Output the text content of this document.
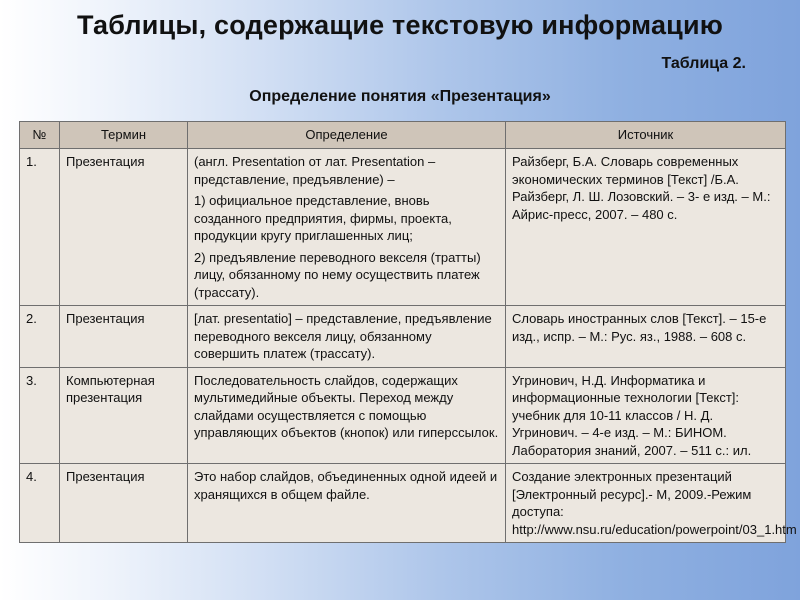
Таблицы, содержащие текстовую информацию
Таблица 2.
Определение понятия «Презентация»
№	Термин	Определение	Источник
1.	Презентация	(англ. Presentation от лат. Presentation – представление, предъявление) –

1) официальное представление, вновь созданного предприятия, фирмы, проекта, продукции кругу приглашенных лиц;

2) предъявление переводного векселя (тратты) лицу, обязанному по нему осуществить платеж (трассату).	Райзберг, Б.А. Словарь современных экономических терминов [Текст] /Б.А. Райзберг, Л. Ш. Лозовский. – 3- е изд. – М.: Айрис-пресс, 2007. – 480 с.
2.	Презентация	[лат. presentatio] – представление, предъявление переводного векселя лицу, обязанному совершить платеж (трассату).	Словарь иностранных слов [Текст]. – 15-е изд., испр. – М.: Рус. яз., 1988. – 608 с.
3.	Компьютерная презентация	Последовательность слайдов, содержащих мультимедийные объекты. Переход между слайдами осуществляется с помощью управляющих объектов (кнопок) или гиперссылок.	Угринович, Н.Д. Информатика и информационные технологии [Текст]: учебник для 10-11 классов / Н. Д. Угринович. – 4-е изд. – М.: БИНОМ. Лаборатория знаний, 2007. – 511 с.: ил.
4.	Презентация	Это набор слайдов, объединенных одной идеей и хранящихся в общем файле.	Создание электронных презентаций [Электронный ресурс].- М, 2009.-Режим доступа: http://www.nsu.ru/education/powerpoint/03_1.htm
